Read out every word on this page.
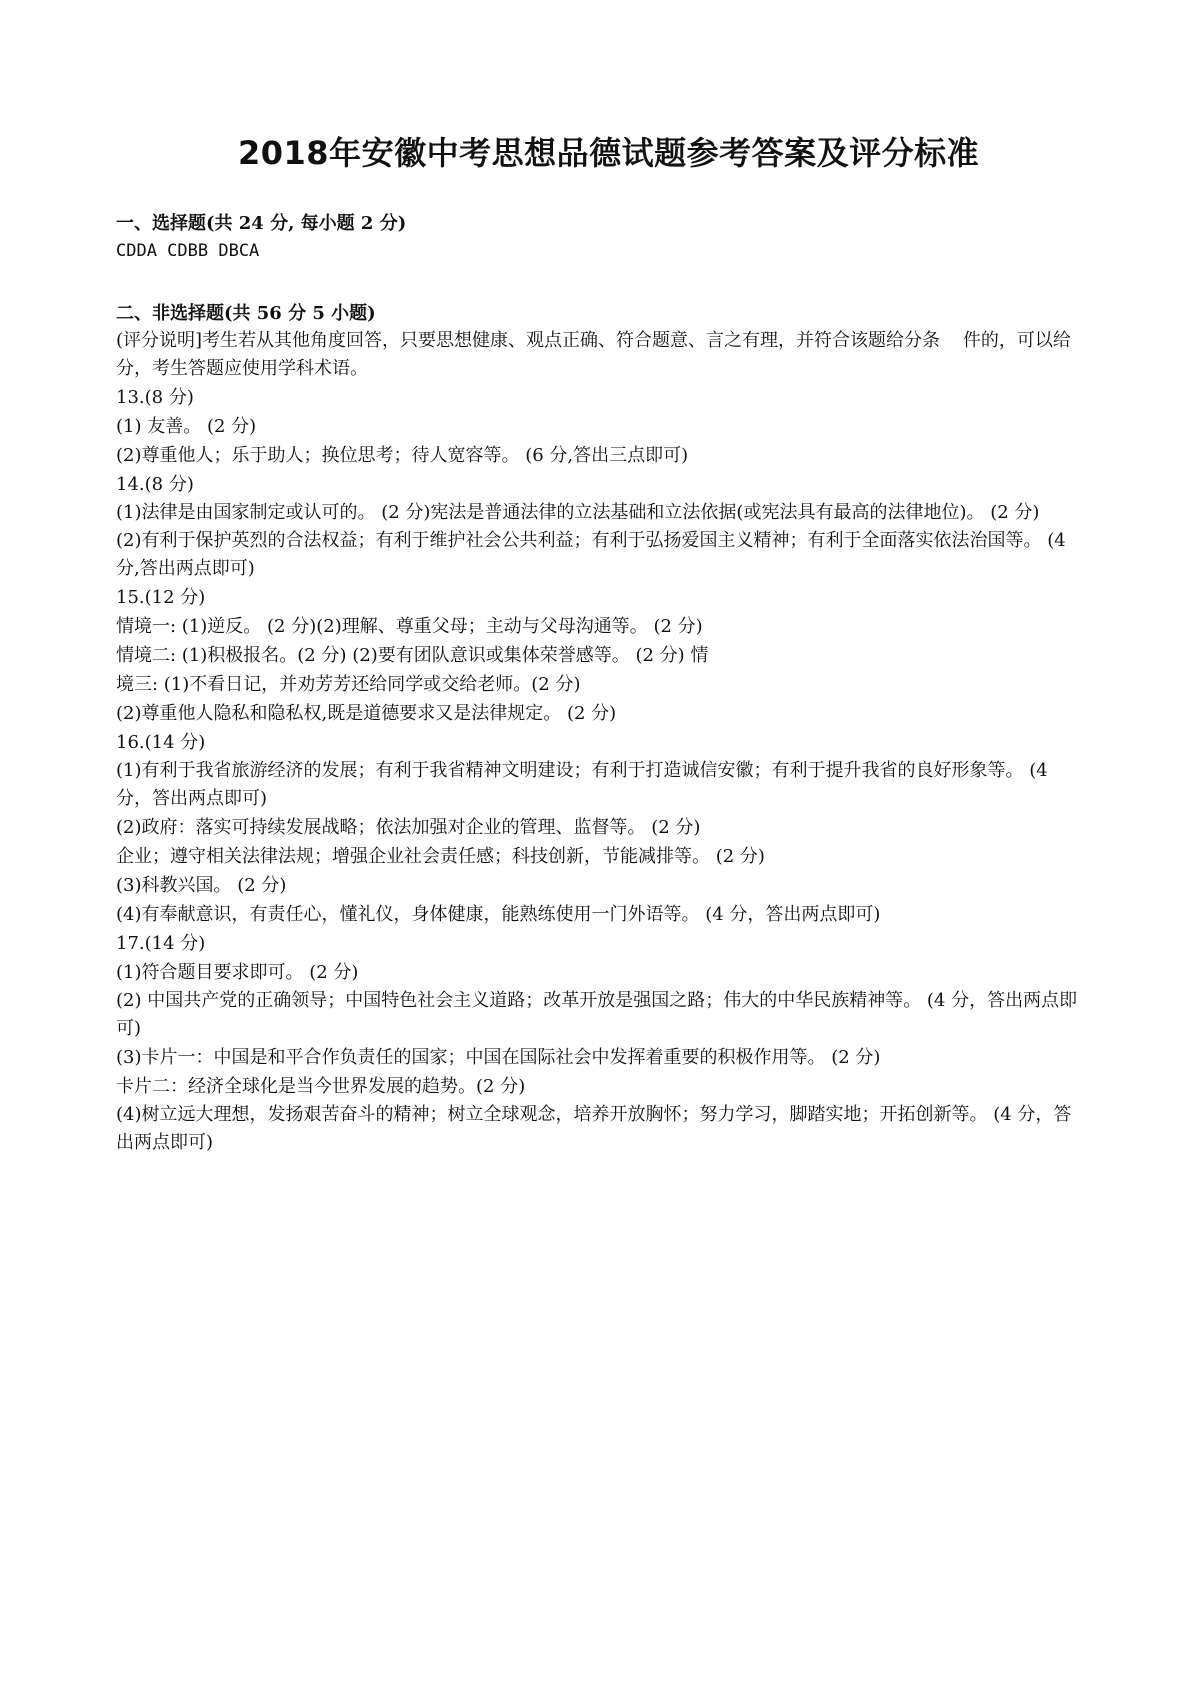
2018年安徽中考思想品德试题参考答案及评分标准

一、选择题(共 24 分, 每小题 2 分)

CDDA CDBB DBCA

二、非选择题(共 56 分 5 小题)

(评分说明]考生若从其他角度回答，只要思想健康、观点正确、符合题意、言之有理，并符合该题给分条    件的，可以给分，考生答题应使用学科术语。

13.(8 分)

(1) 友善。 (2 分)

(2)尊重他人；乐于助人；换位思考；待人宽容等。 (6 分,答出三点即可)

14.(8 分)

(1)法律是由国家制定或认可的。 (2 分)宪法是普通法律的立法基础和立法依据(或宪法具有最高的法律地位)。 (2 分)

(2)有利于保护英烈的合法权益；有利于维护社会公共利益；有利于弘扬爱国主义精神；有利于全面落实依法治国等。 (4 分,答出两点即可)

15.(12 分)

情境一: (1)逆反。 (2 分)(2)理解、尊重父母；主动与父母沟通等。 (2 分)

情境二: (1)积极报名。(2 分) (2)要有团队意识或集体荣誉感等。 (2 分) 情

境三: (1)不看日记，并劝芳芳还给同学或交给老师。(2 分)

(2)尊重他人隐私和隐私权,既是道德要求又是法律规定。 (2 分)

16.(14 分)

(1)有利于我省旅游经济的发展；有利于我省精神文明建设；有利于打造诚信安徽；有利于提升我省的良好形象等。 (4 分，答出两点即可)

(2)政府：落实可持续发展战略；依法加强对企业的管理、监督等。 (2 分)

企业；遵守相关法律法规；增强企业社会责任感；科技创新，节能减排等。 (2 分)

(3)科教兴国。 (2 分)

(4)有奉献意识，有责任心，懂礼仪，身体健康，能熟练使用一门外语等。 (4 分，答出两点即可)

17.(14 分)

(1)符合题目要求即可。 (2 分)

(2) 中国共产党的正确领导；中国特色社会主义道路；改革开放是强国之路；伟大的中华民族精神等。 (4 分，答出两点即可)

(3)卡片一：中国是和平合作负责任的国家；中国在国际社会中发挥着重要的积极作用等。 (2 分)

卡片二：经济全球化是当今世界发展的趋势。(2 分)

(4)树立远大理想，发扬艰苦奋斗的精神；树立全球观念，培养开放胸怀；努力学习，脚踏实地；开拓创新等。 (4 分，答出两点即可)
